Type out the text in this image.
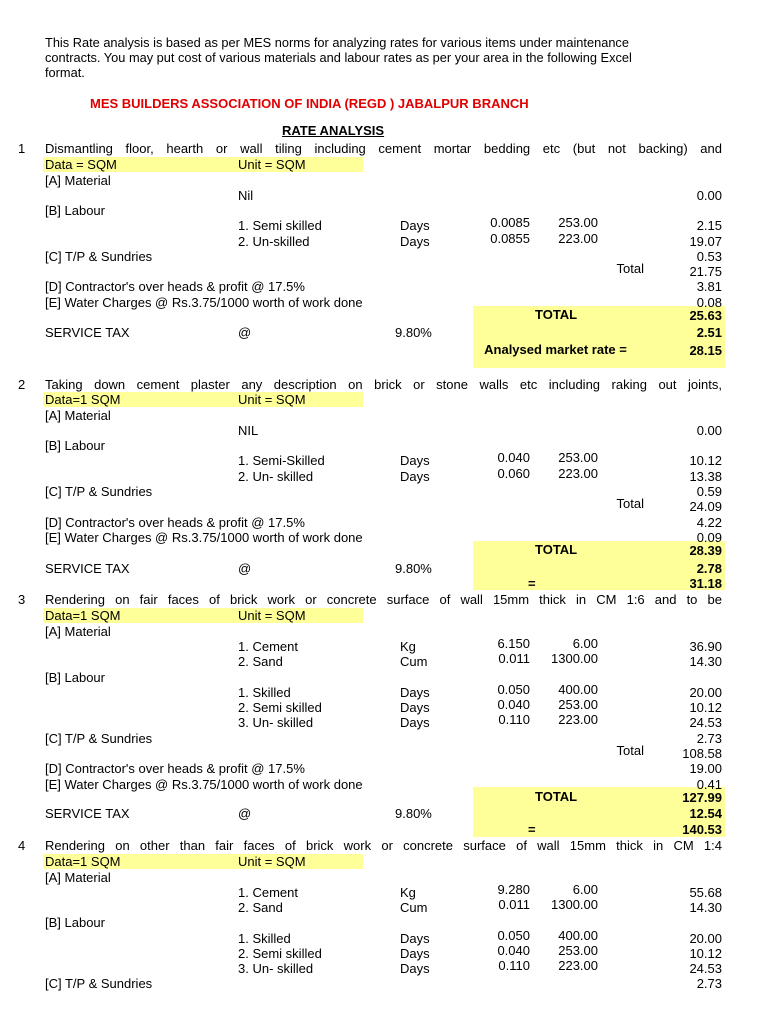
This Rate analysis is based as per MES norms for analyzing rates for various items under maintenance contracts. You may put cost of various materials and labour rates as per your area in the following Excel format.

MES BUILDERS ASSOCIATION OF INDIA (REGD ) JABALPUR BRANCH
RATE ANALYSIS
1 Dismantling floor, hearth or wall tiling including cement mortar bedding etc (but not backing) and
Data = SQM	Unit = SQM
[A] Material
Nil	0.00
[B] Labour
1. Semi skilled	Days	0.0085 253.00	2.15
2. Un-skilled	Days	0.0855 223.00	19.07
[C] T/P & Sundries	0.53
Total	21.75
[D] Contractor's over heads & profit @ 17.5%	3.81
[E] Water Charges @ Rs.3.75/1000 worth of work done	0.08
TOTAL	25.63
SERVICE TAX	@	9.80%	2.51
Analysed market rate =	28.15
2 Taking down cement plaster any description on brick or stone walls etc including raking out joints,
Data=1 SQM	Unit = SQM
[A] Material
NIL	0.00
[B] Labour
1. Semi-Skilled	Days	0.040 253.00	10.12
2. Un- skilled	Days	0.060 223.00	13.38
[C] T/P & Sundries	0.59
Total	24.09
[D] Contractor's over heads & profit @ 17.5%	4.22
[E] Water Charges @ Rs.3.75/1000 worth of work done	0.09
TOTAL	28.39
SERVICE TAX	@	9.80%	2.78
=	31.18
3 Rendering on fair faces of brick work or concrete surface of wall 15mm thick in CM 1:6 and to be
Data=1 SQM	Unit = SQM
[A] Material
1. Cement	Kg	6.150	6.00	36.90
2. Sand	Cum	0.011 1300.00	14.30
[B] Labour
1. Skilled	Days	0.050 400.00	20.00
2. Semi skilled	Days	0.040 253.00	10.12
3. Un- skilled	Days	0.110 223.00	24.53
[C] T/P & Sundries	2.73
Total	108.58
[D] Contractor's over heads & profit @ 17.5%	19.00
[E] Water Charges @ Rs.3.75/1000 worth of work done	0.41
TOTAL	127.99
SERVICE TAX	@	9.80%	12.54
=	140.53
4 Rendering on other than fair faces of brick work or concrete surface of wall 15mm thick in CM 1:4
Data=1 SQM	Unit = SQM
[A] Material
1. Cement	Kg	9.280	6.00	55.68
2. Sand	Cum	0.011 1300.00	14.30
[B] Labour
1. Skilled	Days	0.050 400.00	20.00
2. Semi skilled	Days	0.040 253.00	10.12
3. Un- skilled	Days	0.110 223.00	24.53
[C] T/P & Sundries	2.73
